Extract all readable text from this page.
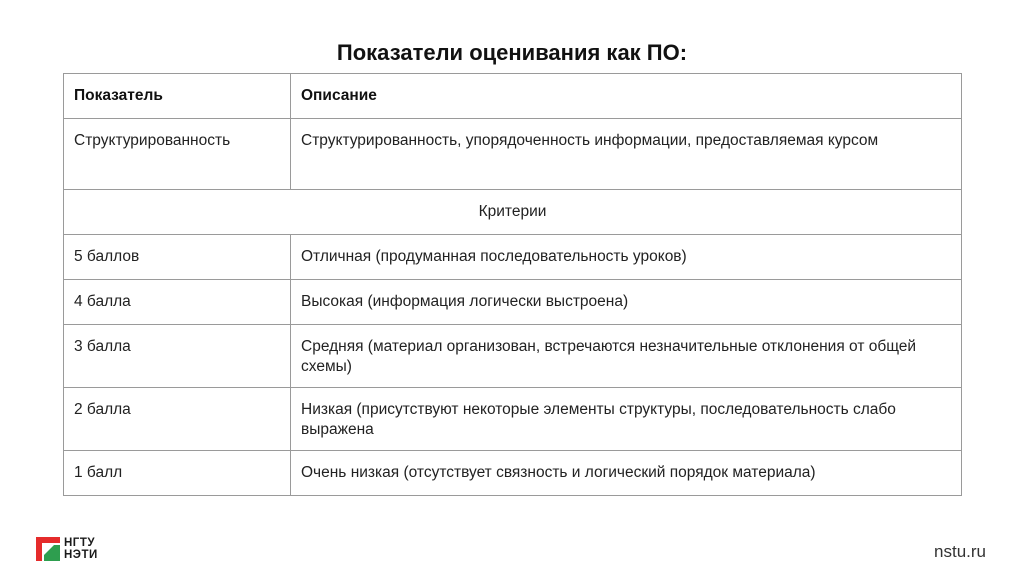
Показатели оценивания как ПО:
Показатель	Описание
Структурированность	Структурированность, упорядоченность информации, предоставляемая курсом
Критерии	
5 баллов	Отличная (продуманная последовательность уроков)
4 балла	Высокая (информация логически выстроена)
3 балла	Средняя (материал организован, встречаются незначительные отклонения от общей схемы)
2 балла	Низкая (присутствуют некоторые элементы структуры, последовательность слабо выражена
1 балл	Очень низкая (отсутствует связность и логический порядок материала)
НГТУ
НЭТИ	nstu.ru
